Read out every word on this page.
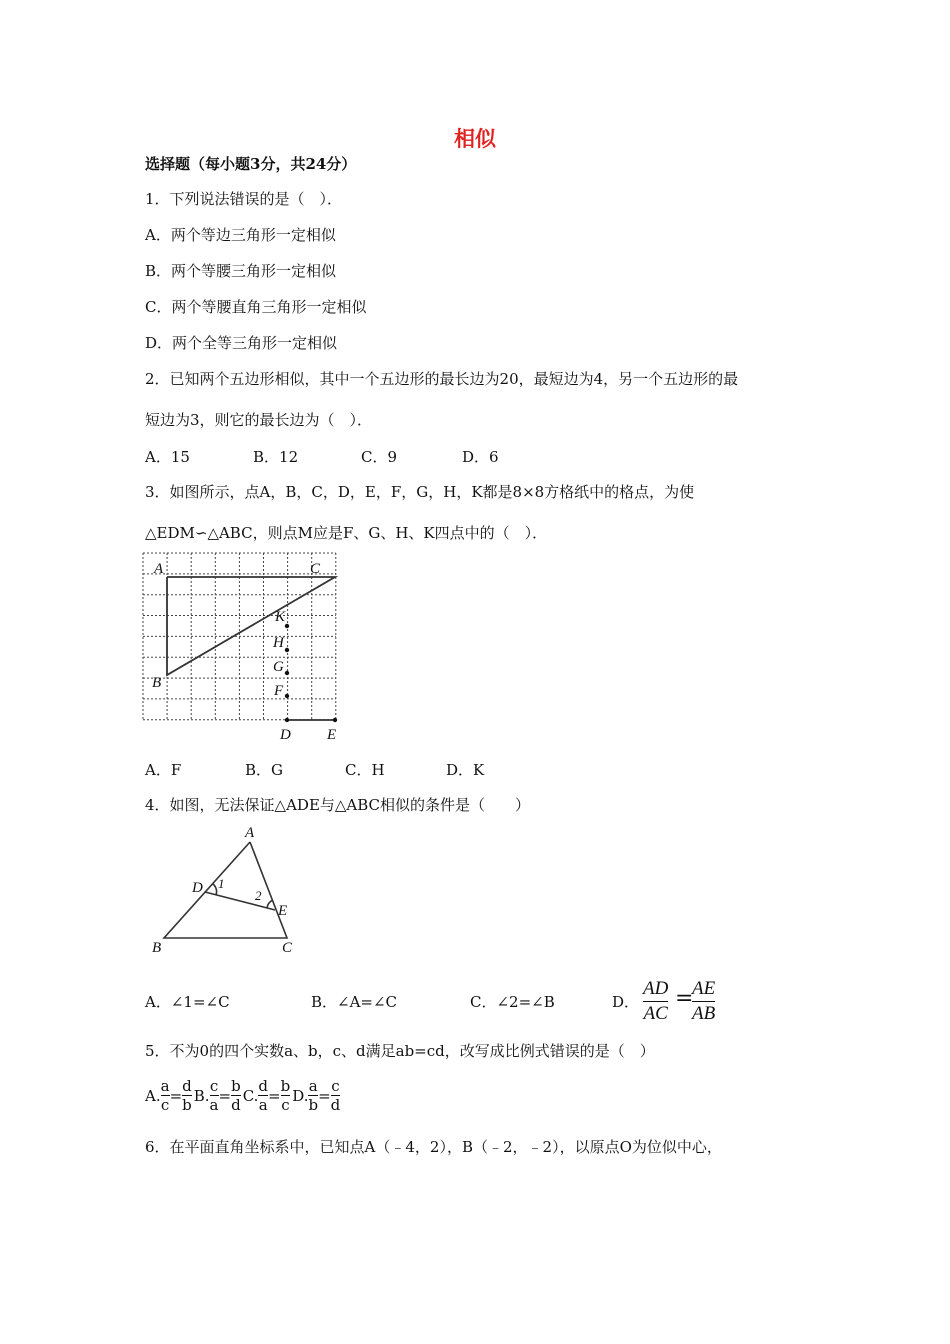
相似
选择题（每小题3分，共24分）
1．下列说法错误的是（　）．
A．两个等边三角形一定相似
B．两个等腰三角形一定相似
C．两个等腰直角三角形一定相似
D．两个全等三角形一定相似
2．已知两个五边形相似，其中一个五边形的最长边为20，最短边为4，另一个五边形的最
短边为3，则它的最长边为（　）．
A．15	B．12	C．9	D．6
3．如图所示，点A，B，C，D，E，F，G，H，K都是8×8方格纸中的格点，为使
△EDM∽△ABC，则点M应是F、G、H、K四点中的（　）．
A	C
K
H
G
F
B
D E
A．F	B．G	C．H	D．K
4．如图，无法保证△ADE与△ABC相似的条件是（　　）
A
D 1
2
E
B	C
A．∠1=∠C	B．∠A=∠C	C．∠2=∠B	D．
AD
AC
=
AE
AB
5．不为0的四个实数a、b，c、d满足ab=cd，改写成比例式错误的是（　）
A.
a
c
=
d
b
B.
c
a
=
b
d
C.
d
a
=
b
c
D.
a
b
=
c
d
6．在平面直角坐标系中，已知点A（﹣4，2），B（﹣2，﹣2），以原点O为位似中心，
